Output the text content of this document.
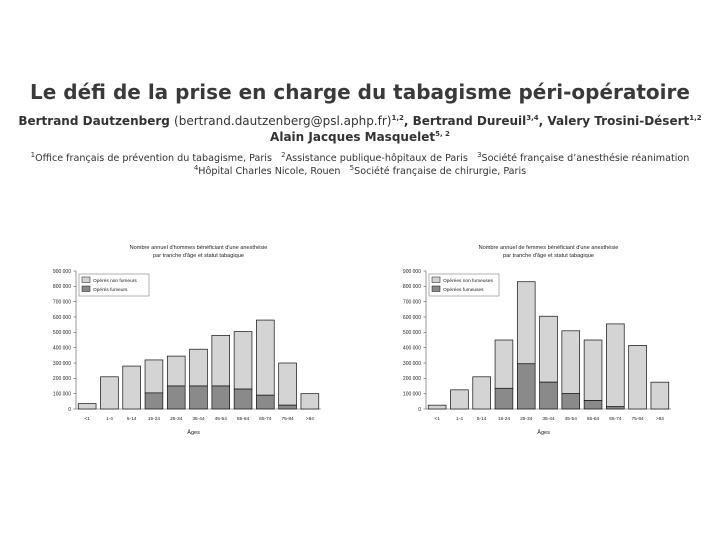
Le défi de la prise en charge du tabagisme péri-opératoire
Bertrand Dautzenberg (bertrand.dautzenberg@psl.aphp.fr)$^{1,2}$, Bertrand Dureuil$^{3,4}$, Valery Trosini-Désert$^{1,2}$
Alain Jacques Masquelet$^{5, 2}$
$^1$Office français de prévention du tabagisme, Paris $^2$Assistance publique-hôpitaux de Paris $^3$Société française d’anesthésie réanimation
$^4$Hôpital Charles Nicole, Rouen $^5$Société française de chirurgie, Paris
Nombre annuel d'hommes bénéficiant d'une anesthésie
par tranche d'âge et statut tabagique
0
100 000
200 000
300 000
400 000
500 000
600 000
700 000
800 000
900 000
<1	1-4	5-14 15-24 25-34 35-44 45-54 55-64 65-74 75-84	>84
Âges
Opérés non fumeurs
Opérés fumeurs
Nombre annuel de femmes bénéficiant d'une anesthésie
par tranche d'âge et statut tabagique
0
100 000
200 000
300 000
400 000
500 000
600 000
700 000
800 000
900 000
<1	1-4	5-14 15-24 25-34 35-44 45-54 55-64 65-74 75-84	>84
Âges
Opérées non fumeuses
Opérées fumeuses
